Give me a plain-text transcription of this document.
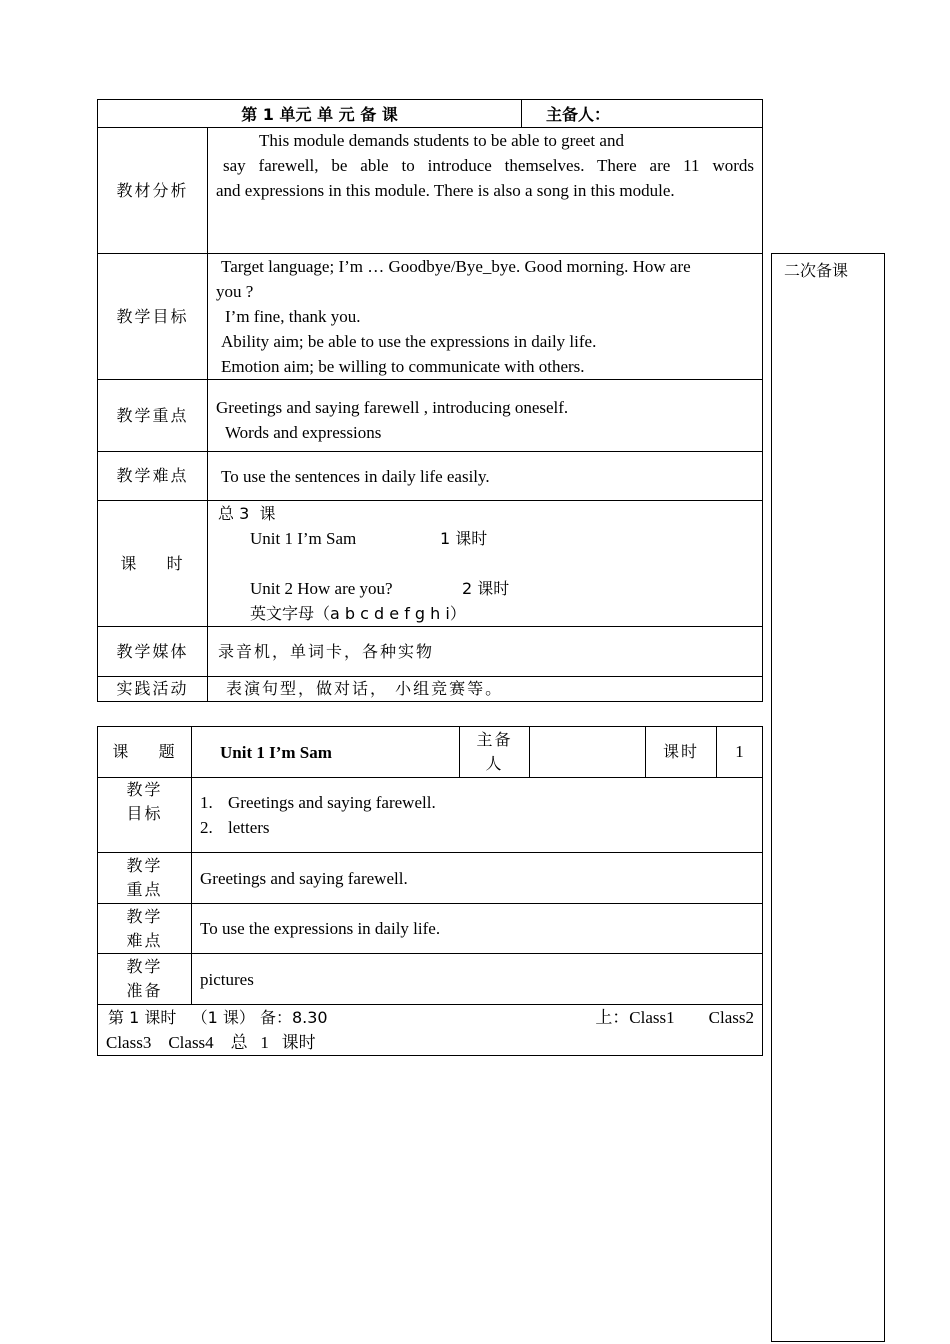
第 1 单元 单 元 备 课		主备人：
教材分析	This module demands students to be able to greet and
say farewell, be able to introduce themselves. There are 11 words
and expressions in this module. There is also a song in this module.	

教学目标	Target language; I’m … Goodbye/Bye_bye. Good morning. How are
you ?
I’m fine, thank you.
Ability aim; be able to use the expressions in daily life.
Emotion aim; be willing to communicate with others.	

教学重点	Greetings and saying farewell , introducing oneself.
Words and expressions	

教学难点	To use the sentences in daily life easily.	

课    时	总 3  课
Unit 1 I’m Sam 1 课时
Unit 2 How are you? 2 课时
英文字母（a b c d e f g h i）	

教学媒体	录音机，单词卡，各种实物	
实践活动	表演句型，做对话， 小组竞赛等。	
二次备课
课    题	Unit 1 I’m Sam	主备人		课时	1
教学目标	1. Greetings and saying farewell.
2. letters				

教学重点	Greetings and saying farewell.				
教学难点	To use the expressions in daily life.				
教学准备	pictures				

第 1 课时   （1 课） 备：8.30 上：Class1        Class2
Class3    Class4    总   1   课时					
